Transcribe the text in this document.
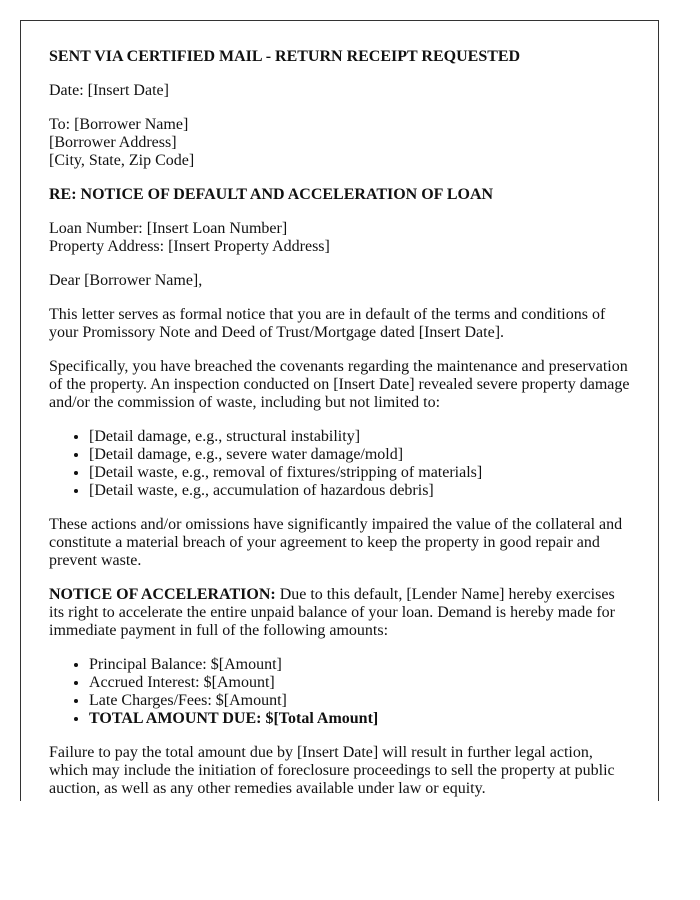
SENT VIA CERTIFIED MAIL - RETURN RECEIPT REQUESTED

Date: [Insert Date]

To: [Borrower Name]
[Borrower Address]
[City, State, Zip Code]

RE: NOTICE OF DEFAULT AND ACCELERATION OF LOAN

Loan Number: [Insert Loan Number]
Property Address: [Insert Property Address]

Dear [Borrower Name],

This letter serves as formal notice that you are in default of the terms and conditions of your Promissory Note and Deed of Trust/Mortgage dated [Insert Date].

Specifically, you have breached the covenants regarding the maintenance and preservation of the property. An inspection conducted on [Insert Date] revealed severe property damage and/or the commission of waste, including but not limited to:

• [Detail damage, e.g., structural instability]
• [Detail damage, e.g., severe water damage/mold]
• [Detail waste, e.g., removal of fixtures/stripping of materials]
• [Detail waste, e.g., accumulation of hazardous debris]

These actions and/or omissions have significantly impaired the value of the collateral and constitute a material breach of your agreement to keep the property in good repair and prevent waste.

NOTICE OF ACCELERATION: Due to this default, [Lender Name] hereby exercises its right to accelerate the entire unpaid balance of your loan. Demand is hereby made for immediate payment in full of the following amounts:

• Principal Balance: $[Amount]
• Accrued Interest: $[Amount]
• Late Charges/Fees: $[Amount]
• TOTAL AMOUNT DUE: $[Total Amount]

Failure to pay the total amount due by [Insert Date] will result in further legal action, which may include the initiation of foreclosure proceedings to sell the property at public auction, as well as any other remedies available under law or equity.
